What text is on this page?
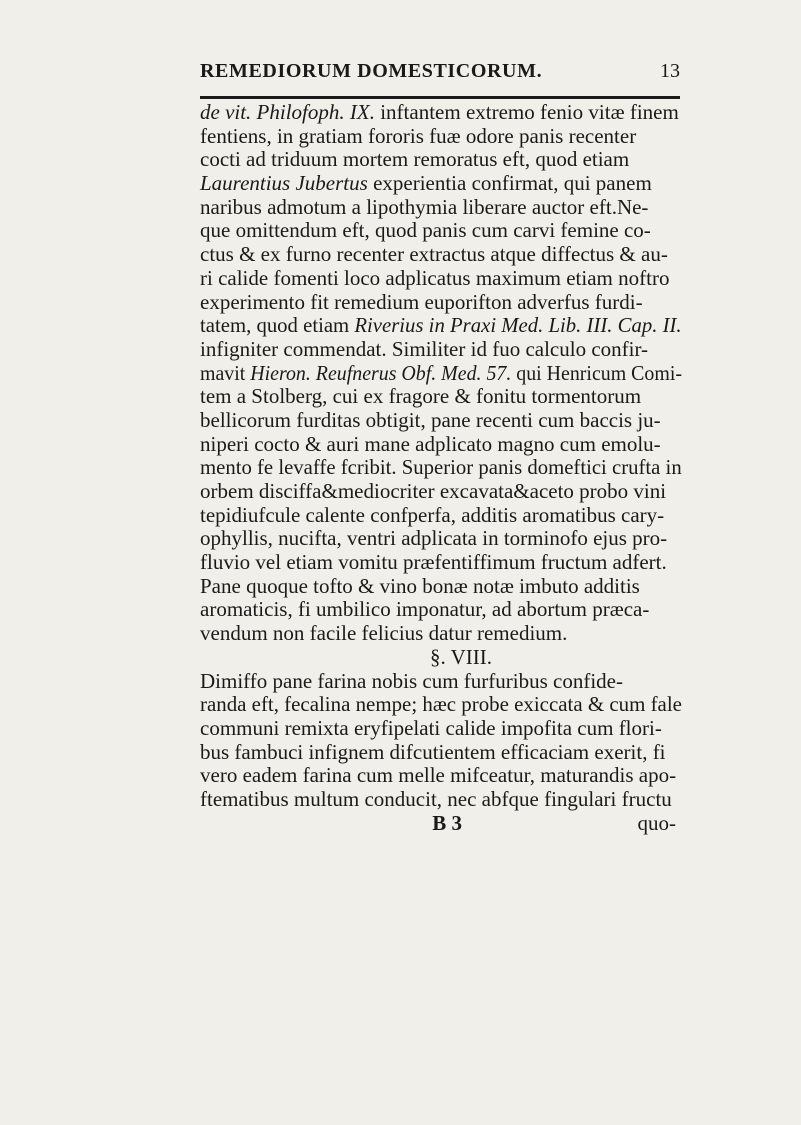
REMEDIORUM DOMESTICORUM.	13
de vit. Philofoph. IX. inftantem extremo fenio vitæ finem
fentiens, in gratiam fororis fuæ odore panis recenter
cocti ad triduum mortem remoratus eft, quod etiam
Laurentius Jubertus experientia confirmat, qui panem
naribus admotum a lipothymia liberare auctor eft.Ne-
que omittendum eft, quod panis cum carvi femine co-
ctus & ex furno recenter extractus atque diffectus & au-
ri calide fomenti loco adplicatus maximum etiam noftro
experimento fit remedium euporifton adverfus furdi-
tatem, quod etiam Riverius in Praxi Med. Lib. III. Cap. II.
infigniter commendat. Similiter id fuo calculo confir-
mavit Hieron. Reufnerus Obf. Med. 57. qui Henricum Comi-
tem a Stolberg, cui ex fragore & fonitu tormentorum
bellicorum furditas obtigit, pane recenti cum baccis ju-
niperi cocto & auri mane adplicato magno cum emolu-
mento fe levaffe fcribit. Superior panis domeftici crufta in
orbem disciffa&mediocriter excavata&aceto probo vini
tepidiufcule calente confperfa, additis aromatibus cary-
ophyllis, nucifta, ventri adplicata in torminofo ejus pro-
fluvio vel etiam vomitu præfentiffimum fructum adfert.
Pane quoque tofto & vino bonæ notæ imbuto additis
aromaticis, fi umbilico imponatur, ad abortum præca-
vendum non facile felicius datur remedium.
§. VIII.
Dimiffo pane farina nobis cum furfuribus confide-
randa eft, fecalina nempe; hæc probe exiccata & cum fale
communi remixta eryfipelati calide impofita cum flori-
bus fambuci infignem difcutientem efficaciam exerit, fi
vero eadem farina cum melle mifceatur, maturandis apo-
ftematibus multum conducit, nec abfque fingulari fructu
B 3	quo-
